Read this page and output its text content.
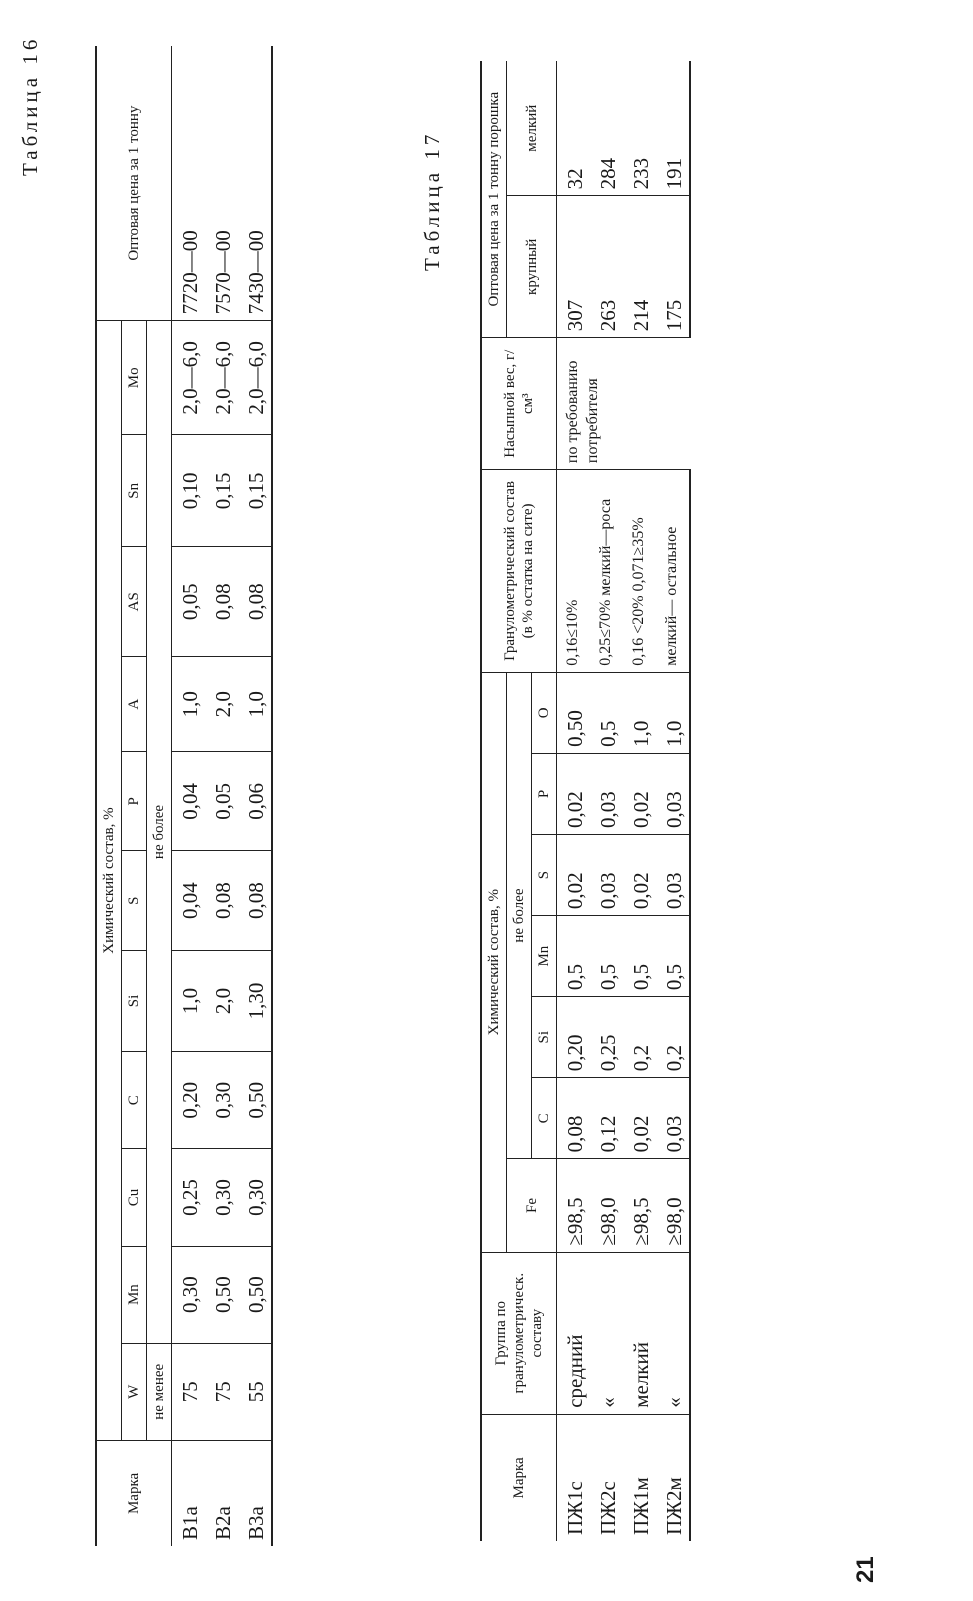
Таблица 16
Марка	Химический состав, %											Оптовая цена за 1 тонну
	W	Mn	Cu	C	Si	S	P	A	AS	Sn	Mo	
	не менее	не более										
B1a	75	0,30	0,25	0,20	1,0	0,04	0,04	1,0	0,05	0,10	2,0—6,0	7720—00
B2a	75	0,50	0,30	0,30	2,0	0,08	0,05	2,0	0,08	0,15	2,0—6,0	7570—00
B3a	55	0,50	0,30	0,50	1,30	0,08	0,06	1,0	0,08	0,15	2,0—6,0	7430—00
Таблица 17
Марка	Группа по гранулометрическ. составу	Химический состав, %							Гранулометрический состав (в % остатка на сите)	Насыпной вес, г/см³	Оптовая цена за 1 тонну порошка	
		Fe	не более								крупный	мелкий
			C	Si	Mn	S	P	O				
ПЖ1с	средний	≥98,5	0,08	0,20	0,5	0,02	0,02	0,50	0,16≤10%	по требованию потребителя	307	32
ПЖ2с	«	≥98,0	0,12	0,25	0,5	0,03	0,03	0,5	0,25≤70% мелкий—роса		263	284
ПЖ1м	мелкий	≥98,5	0,02	0,2	0,5	0,02	0,02	1,0	0,16 <20% 0,071≥35%		214	233
ПЖ2м	«	≥98,0	0,03	0,2	0,5	0,03	0,03	1,0	мелкий— остальное		175	191
21
